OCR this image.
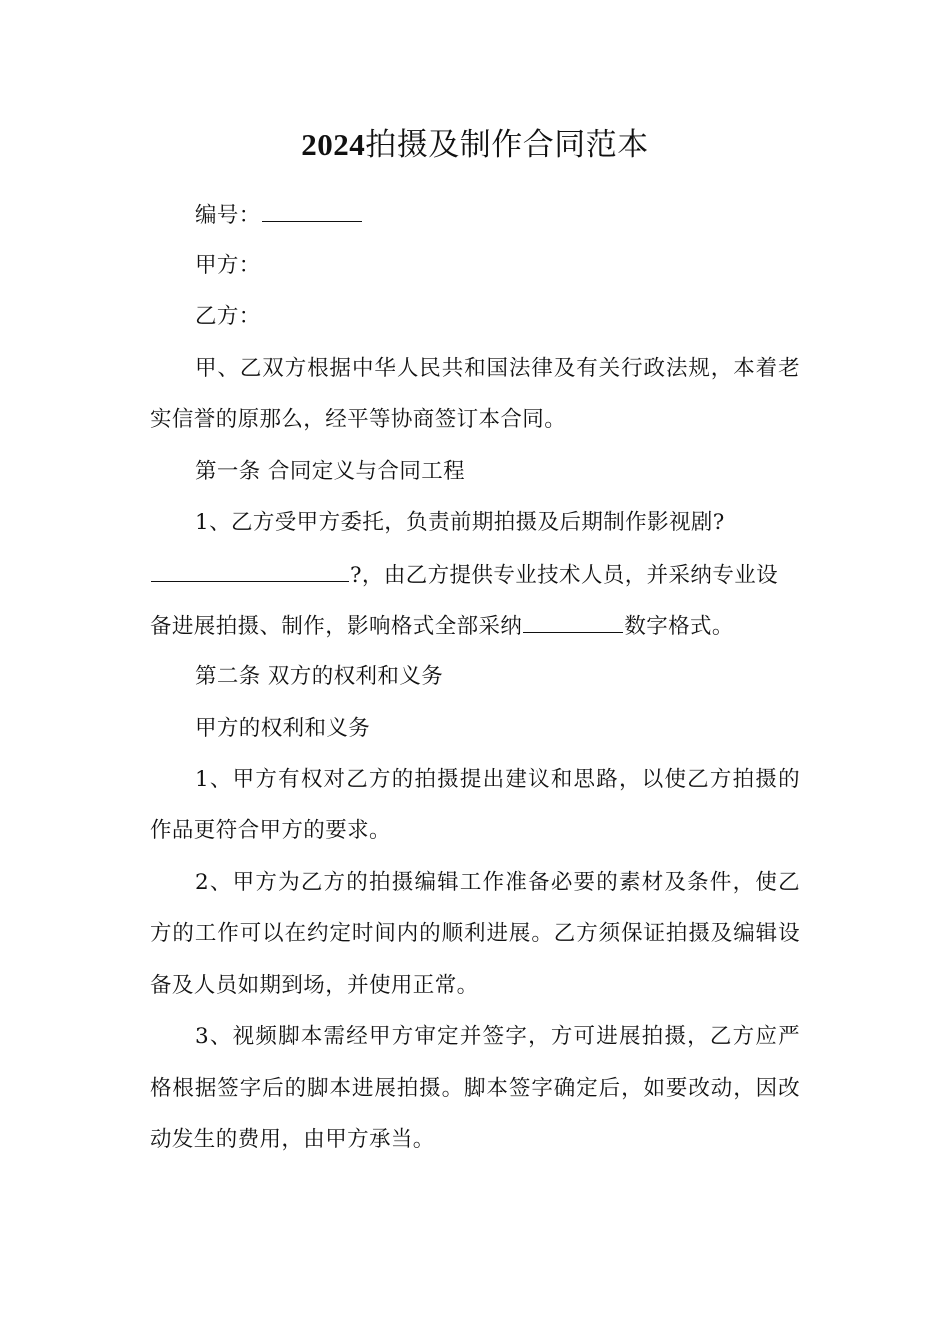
2024拍摄及制作合同范本
编号：
甲方：
乙方：
甲、乙双方根据中华人民共和国法律及有关行政法规，本着老
实信誉的原那么，经平等协商签订本合同。
第一条 合同定义与合同工程
1、乙方受甲方委托，负责前期拍摄及后期制作影视剧?
?，由乙方提供专业技术人员，并采纳专业设
备进展拍摄、制作，影响格式全部采纳	数字格式。
第二条 双方的权利和义务
甲方的权利和义务
1、甲方有权对乙方的拍摄提出建议和思路，以使乙方拍摄的
作品更符合甲方的要求。
2、甲方为乙方的拍摄编辑工作准备必要的素材及条件，使乙
方的工作可以在约定时间内的顺利进展。乙方须保证拍摄及编辑设
备及人员如期到场，并使用正常。
3、视频脚本需经甲方审定并签字，方可进展拍摄，乙方应严
格根据签字后的脚本进展拍摄。脚本签字确定后，如要改动，因改
动发生的费用，由甲方承当。
